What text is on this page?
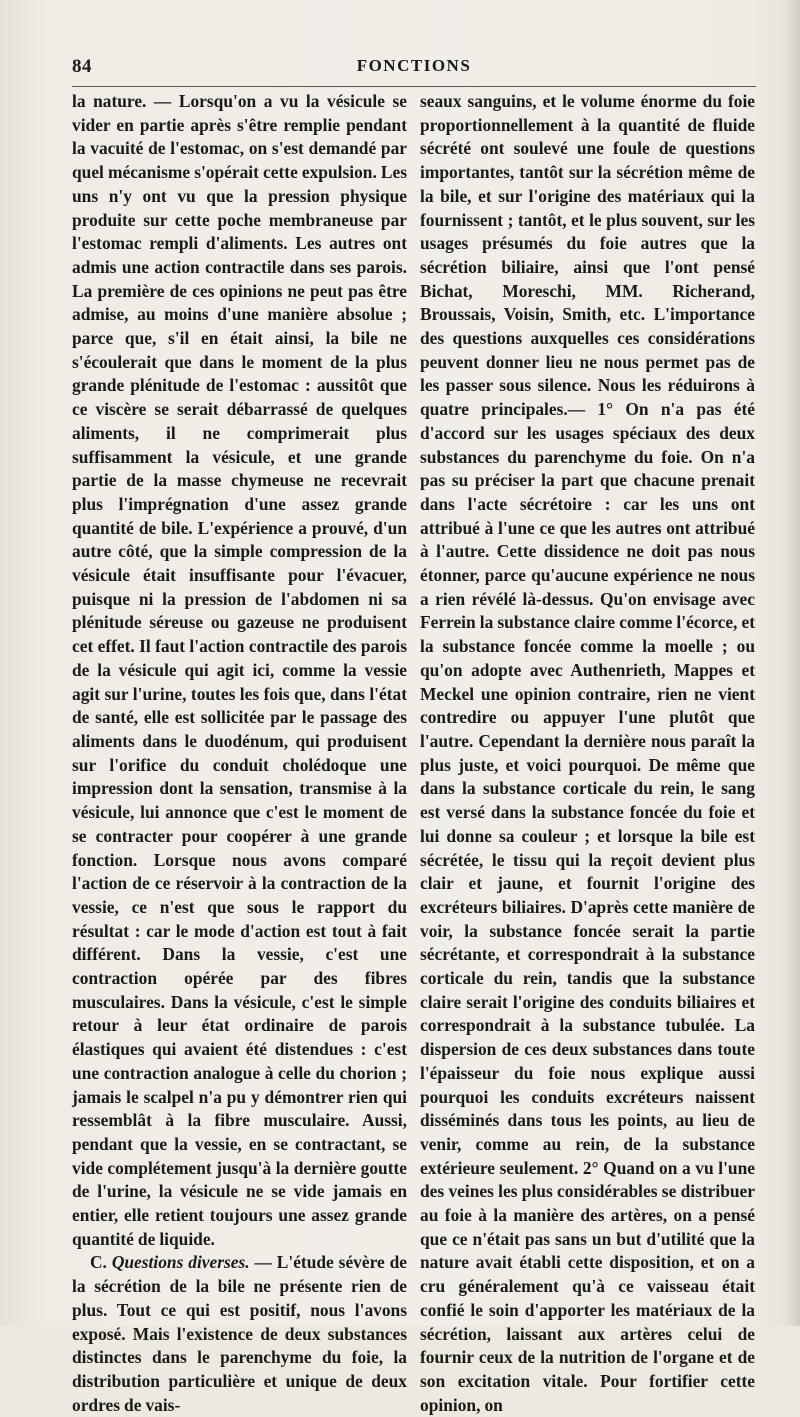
84	FONCTIONS

la nature. — Lorsqu'on a vu la vésicule se vider en partie après s'être remplie pendant la vacuité de l'estomac, on s'est demandé par quel mécanisme s'opérait cette expulsion. Les uns n'y ont vu que la pression physique produite sur cette poche membraneuse par l'estomac rempli d'aliments. Les autres ont admis une action contractile dans ses parois. La première de ces opinions ne peut pas être admise, au moins d'une manière absolue ; parce que, s'il en était ainsi, la bile ne s'écoulerait que dans le moment de la plus grande plénitude de l'estomac : aussitôt que ce viscère se serait débarrassé de quelques aliments, il ne comprimerait plus suffisamment la vésicule, et une grande partie de la masse chymeuse ne recevrait plus l'imprégnation d'une assez grande quantité de bile. L'expérience a prouvé, d'un autre côté, que la simple compression de la vésicule était insuffisante pour l'évacuer, puisque ni la pression de l'abdomen ni sa plénitude séreuse ou gazeuse ne produisent cet effet. Il faut l'action contractile des parois de la vésicule qui agit ici, comme la vessie agit sur l'urine, toutes les fois que, dans l'état de santé, elle est sollicitée par le passage des aliments dans le duodénum, qui produisent sur l'orifice du conduit cholédoque une impression dont la sensation, transmise à la vésicule, lui annonce que c'est le moment de se contracter pour coopérer à une grande fonction. Lorsque nous avons comparé l'action de ce réservoir à la contraction de la vessie, ce n'est que sous le rapport du résultat : car le mode d'action est tout à fait différent. Dans la vessie, c'est une contraction opérée par des fibres musculaires. Dans la vésicule, c'est le simple retour à leur état ordinaire de parois élastiques qui avaient été distendues : c'est une contraction analogue à celle du chorion ; jamais le scalpel n'a pu y démontrer rien qui ressemblât à la fibre musculaire. Aussi, pendant que la vessie, en se contractant, se vide complétement jusqu'à la dernière goutte de l'urine, la vésicule ne se vide jamais en entier, elle retient toujours une assez grande quantité de liquide.

C. Questions diverses. — L'étude sévère de la sécrétion de la bile ne présente rien de plus. Tout ce qui est positif, nous l'avons exposé. Mais l'existence de deux substances distinctes dans le parenchyme du foie, la distribution particulière et unique de deux ordres de vais-

seaux sanguins, et le volume énorme du foie proportionnellement à la quantité de fluide sécrété ont soulevé une foule de questions importantes, tantôt sur la sécrétion même de la bile, et sur l'origine des matériaux qui la fournissent ; tantôt, et le plus souvent, sur les usages présumés du foie autres que la sécrétion biliaire, ainsi que l'ont pensé Bichat, Moreschi, MM. Richerand, Broussais, Voisin, Smith, etc. L'importance des questions auxquelles ces considérations peuvent donner lieu ne nous permet pas de les passer sous silence. Nous les réduirons à quatre principales.— 1° On n'a pas été d'accord sur les usages spéciaux des deux substances du parenchyme du foie. On n'a pas su préciser la part que chacune prenait dans l'acte sécrétoire : car les uns ont attribué à l'une ce que les autres ont attribué à l'autre. Cette dissidence ne doit pas nous étonner, parce qu'aucune expérience ne nous a rien révélé là-dessus. Qu'on envisage avec Ferrein la substance claire comme l'écorce, et la substance foncée comme la moelle ; ou qu'on adopte avec Authenrieth, Mappes et Meckel une opinion contraire, rien ne vient contredire ou appuyer l'une plutôt que l'autre. Cependant la dernière nous paraît la plus juste, et voici pourquoi. De même que dans la substance corticale du rein, le sang est versé dans la substance foncée du foie et lui donne sa couleur ; et lorsque la bile est sécrétée, le tissu qui la reçoit devient plus clair et jaune, et fournit l'origine des excréteurs biliaires. D'après cette manière de voir, la substance foncée serait la partie sécrétante, et correspondrait à la substance corticale du rein, tandis que la substance claire serait l'origine des conduits biliaires et correspondrait à la substance tubulée. La dispersion de ces deux substances dans toute l'épaisseur du foie nous explique aussi pourquoi les conduits excréteurs naissent disséminés dans tous les points, au lieu de venir, comme au rein, de la substance extérieure seulement. 2° Quand on a vu l'une des veines les plus considérables se distribuer au foie à la manière des artères, on a pensé que ce n'était pas sans un but d'utilité que la nature avait établi cette disposition, et on a cru généralement qu'à ce vaisseau était confié le soin d'apporter les matériaux de la sécrétion, laissant aux artères celui de fournir ceux de la nutrition de l'organe et de son excitation vitale. Pour fortifier cette opinion, on
